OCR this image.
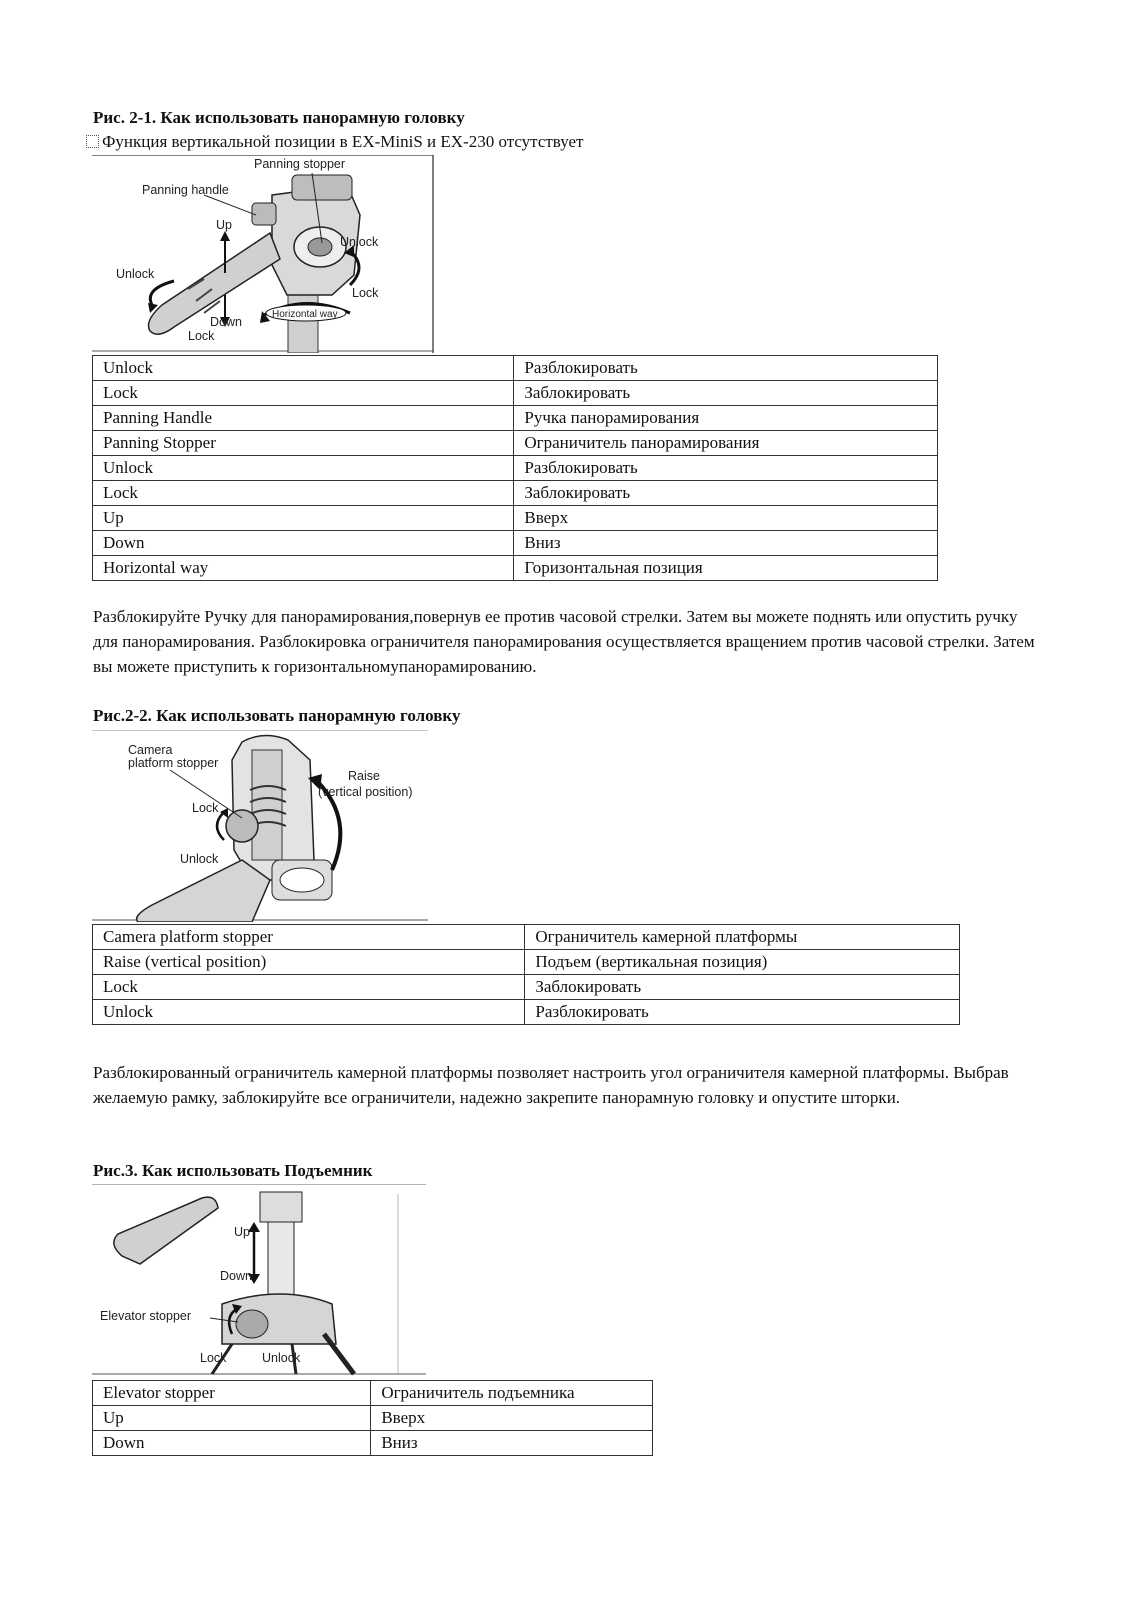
Рис. 2-1. Как использовать панорамную головку
Функция вертикальной позиции в EX-MiniS и EX-230 отсутствует
Panning stopper
Panning handle
Up
Unlock
Unlock
Lock
Down
Lock
Horizontal way
Unlock	Разблокировать
Lock	Заблокировать
Panning Handle	Ручка панорамирования
Panning Stopper	Ограничитель панорамирования
Unlock	Разблокировать
Lock	Заблокировать
Up	Вверх
Down	Вниз
Horizontal way	Горизонтальная позиция
Разблокируйте Ручку для панорамирования,повернув ее против часовой стрелки. Затем вы можете поднять или опустить ручку для панорамирования. Разблокировка ограничителя панорамирования осуществляется вращением против часовой стрелки. Затем вы можете приступить к горизонтальномупанорамированию.
Рис.2-2. Как использовать панорамную головку
Camera
platform stopper
Raise
(vertical position)
Lock
Unlock
Camera platform stopper	Ограничитель камерной платформы
Raise (vertical position)	Подъем (вертикальная позиция)
Lock	Заблокировать
Unlock	Разблокировать
Разблокированный ограничитель камерной платформы позволяет настроить угол ограничителя камерной платформы. Выбрав желаемую рамку, заблокируйте все ограничители, надежно закрепите панорамную головку и опустите шторки.
Рис.3. Как использовать Подъемник
Up
Down
Elevator stopper
Lock	Unlock
Elevator stopper	Ограничитель подъемника
Up	Вверх
Down	Вниз
